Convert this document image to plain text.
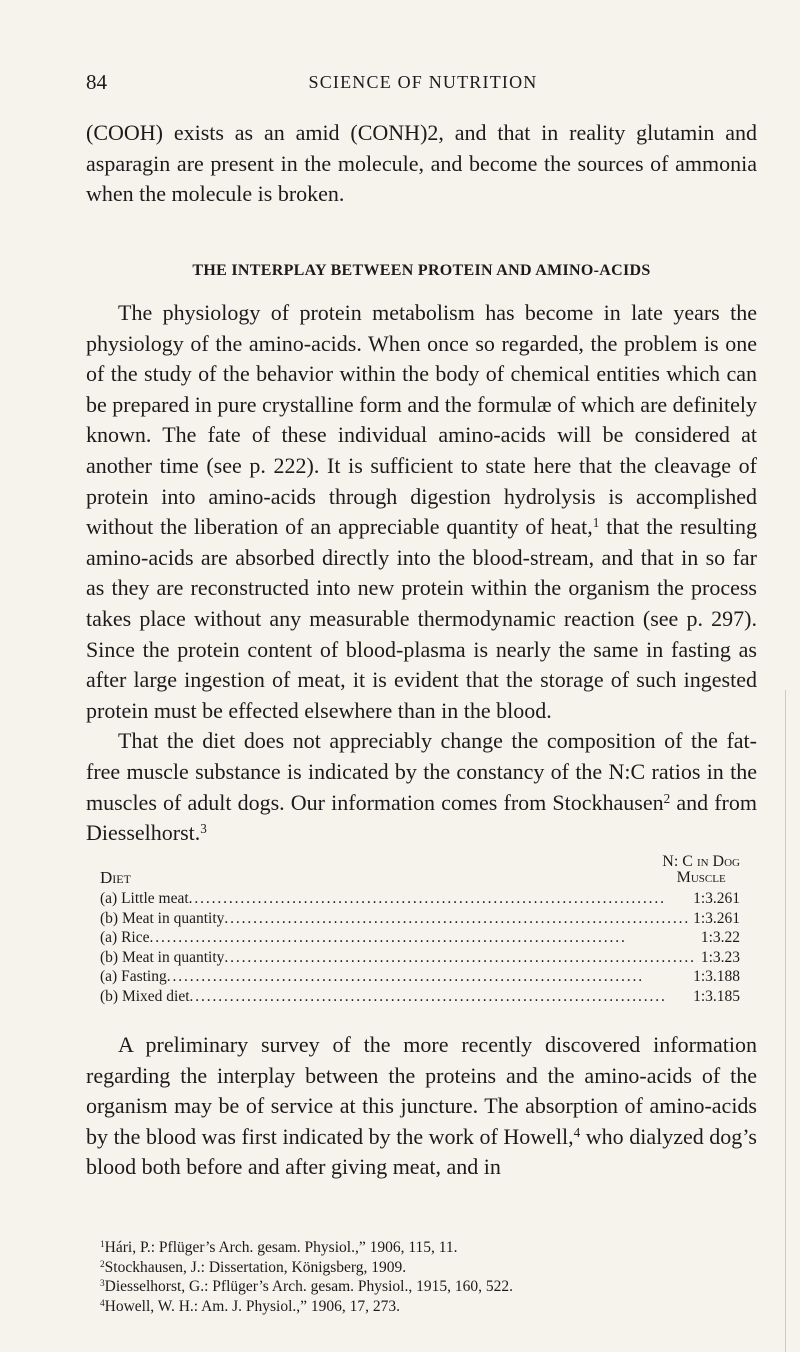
84	SCIENCE OF NUTRITION

(COOH) exists as an amid (CONH)2, and that in reality glutamin and asparagin are present in the molecule, and become the sources of ammonia when the molecule is broken.

THE INTERPLAY BETWEEN PROTEIN AND AMINO-ACIDS

The physiology of protein metabolism has become in late years the physiology of the amino-acids. When once so regarded, the problem is one of the study of the behavior within the body of chemical entities which can be prepared in pure crystalline form and the formulæ of which are definitely known. The fate of these individual amino-acids will be considered at another time (see p. 222). It is sufficient to state here that the cleavage of protein into amino-acids through digestion hydrolysis is accomplished without the liberation of an appreciable quantity of heat,$^1$ that the resulting amino-acids are absorbed directly into the blood-stream, and that in so far as they are reconstructed into new protein within the organism the process takes place without any measurable thermodynamic reaction (see p. 297). Since the protein content of blood-plasma is nearly the same in fasting as after large ingestion of meat, it is evident that the storage of such ingested protein must be effected elsewhere than in the blood.

That the diet does not appreciably change the composition of the fat-free muscle substance is indicated by the constancy of the N:C ratios in the muscles of adult dogs. Our information comes from Stockhausen$^2$ and from Diesselhorst.$^3$

Diet
N: C in Dog
Muscle
(a) Little meat . . .	1:3.261
(b) Meat in quantity . . .	1:3.261
(a) Rice . . .	1:3.22
(b) Meat in quantity . . .	1:3.23
(a) Fasting . . .	1:3.188
(b) Mixed diet . . .	1:3.185

A preliminary survey of the more recently discovered information regarding the interplay between the proteins and the amino-acids of the organism may be of service at this juncture. The absorption of amino-acids by the blood was first indicated by the work of Howell,$^4$ who dialyzed dog’s blood both before and after giving meat, and in

$^1$Hári, P.: Pflüger’s Arch. gesam. Physiol.,” 1906, 115, 11.
$^2$Stockhausen, J.: Dissertation, Königsberg, 1909.
$^3$Diesselhorst, G.: Pflüger’s Arch. gesam. Physiol., 1915, 160, 522.
$^4$Howell, W. H.: Am. J. Physiol.,” 1906, 17, 273.
